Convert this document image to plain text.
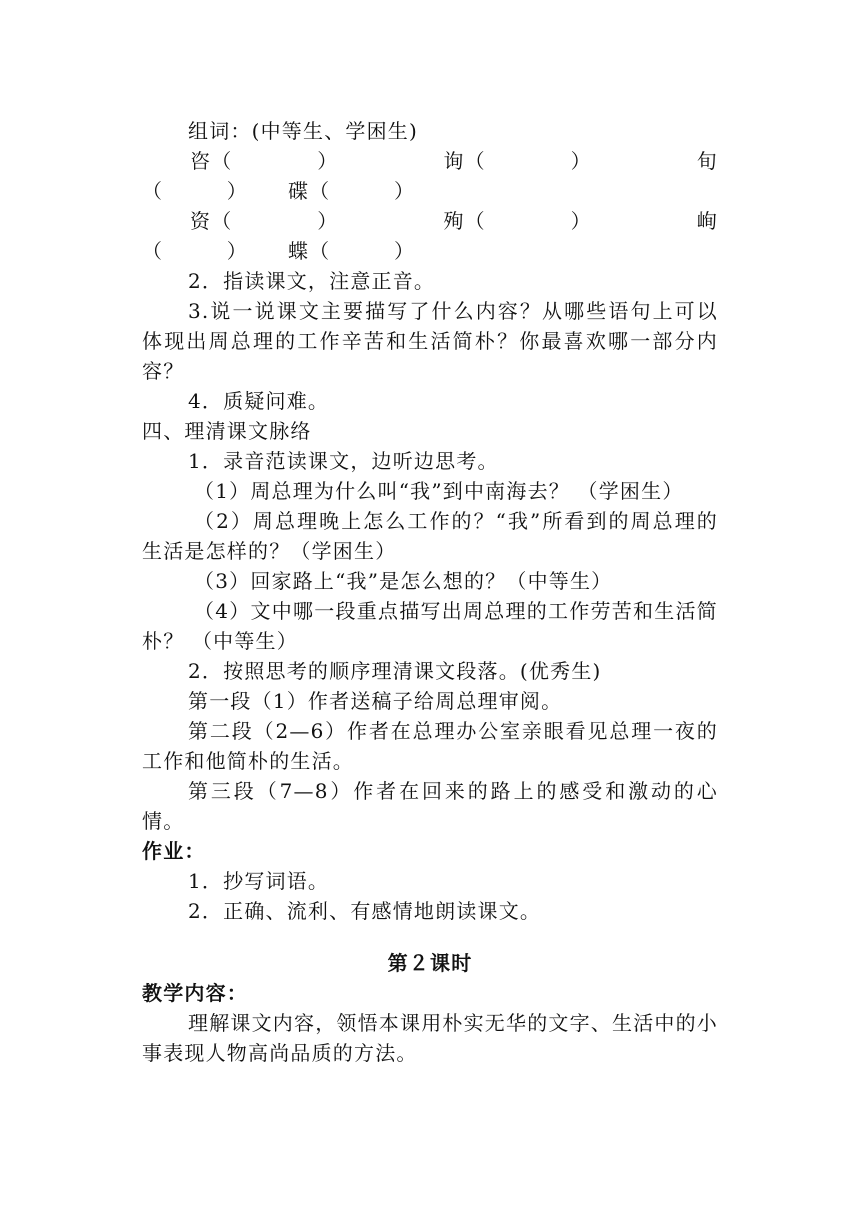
组词：(中等生、学困生)

咨（　　　　）	询（　　　　）	旬
（　　　）　　 碟（　　　）
资（　　　　）	殉（　　　　）	峋
（　　　）　　 蝶（　　　）

2．指读课文，注意正音。

3.说一说课文主要描写了什么内容？从哪些语句上可以体现出周总理的工作辛苦和生活简朴？你最喜欢哪一部分内容？

4．质疑问难。

四、理清课文脉络

1．录音范读课文，边听边思考。

（1）周总理为什么叫“我”到中南海去？ （学困生）

（2）周总理晚上怎么工作的？“我”所看到的周总理的生活是怎样的？（学困生）

（3）回家路上“我”是怎么想的？（中等生）

（4）文中哪一段重点描写出周总理的工作劳苦和生活简朴？ （中等生）

2．按照思考的顺序理清课文段落。(优秀生)

第一段（1）作者送稿子给周总理审阅。

第二段（2—6）作者在总理办公室亲眼看见总理一夜的工作和他简朴的生活。

第三段（7—8）作者在回来的路上的感受和激动的心情。

作业：

1．抄写词语。

2．正确、流利、有感情地朗读课文。

第２课时

教学内容：

理解课文内容，领悟本课用朴实无华的文字、生活中的小事表现人物高尚品质的方法。
